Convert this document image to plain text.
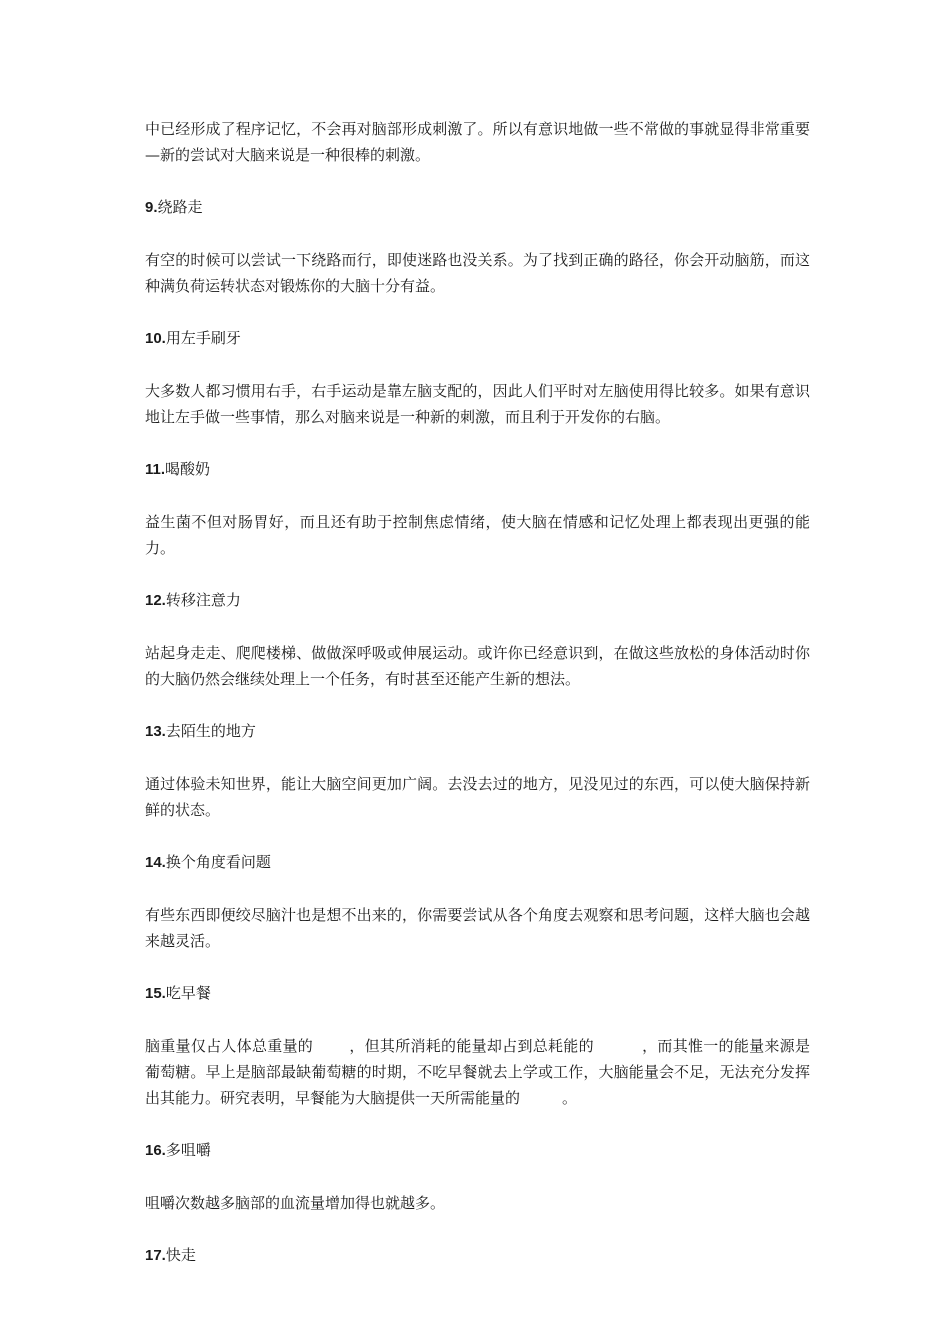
中已经形成了程序记忆，不会再对脑部形成刺激了。所以有意识地做一些不常做的事就显得非常重要—新的尝试对大脑来说是一种很棒的刺激。

9.绕路走

有空的时候可以尝试一下绕路而行，即使迷路也没关系。为了找到正确的路径，你会开动脑筋，而这种满负荷运转状态对锻炼你的大脑十分有益。

10.用左手刷牙

大多数人都习惯用右手，右手运动是靠左脑支配的，因此人们平时对左脑使用得比较多。如果有意识地让左手做一些事情，那么对脑来说是一种新的刺激，而且利于开发你的右脑。

11.喝酸奶

益生菌不但对肠胃好，而且还有助于控制焦虑情绪，使大脑在情感和记忆处理上都表现出更强的能力。

12.转移注意力

站起身走走、爬爬楼梯、做做深呼吸或伸展运动。或许你已经意识到，在做这些放松的身体活动时你的大脑仍然会继续处理上一个任务，有时甚至还能产生新的想法。

13.去陌生的地方

通过体验未知世界，能让大脑空间更加广阔。去没去过的地方，见没见过的东西，可以使大脑保持新鲜的状态。

14.换个角度看问题

有些东西即便绞尽脑汁也是想不出来的，你需要尝试从各个角度去观察和思考问题，这样大脑也会越来越灵活。

15.吃早餐

脑重量仅占人体总重量的 ，但其所消耗的能量却占到总耗能的	，而其惟一的能量来源是葡萄糖。早上是脑部最缺葡萄糖的时期，不吃早餐就去上学或工作，大脑能量会不足，无法充分发挥出其能力。研究表明，早餐能为大脑提供一天所需能量的	。

16.多咀嚼

咀嚼次数越多脑部的血流量增加得也就越多。

17.快走
